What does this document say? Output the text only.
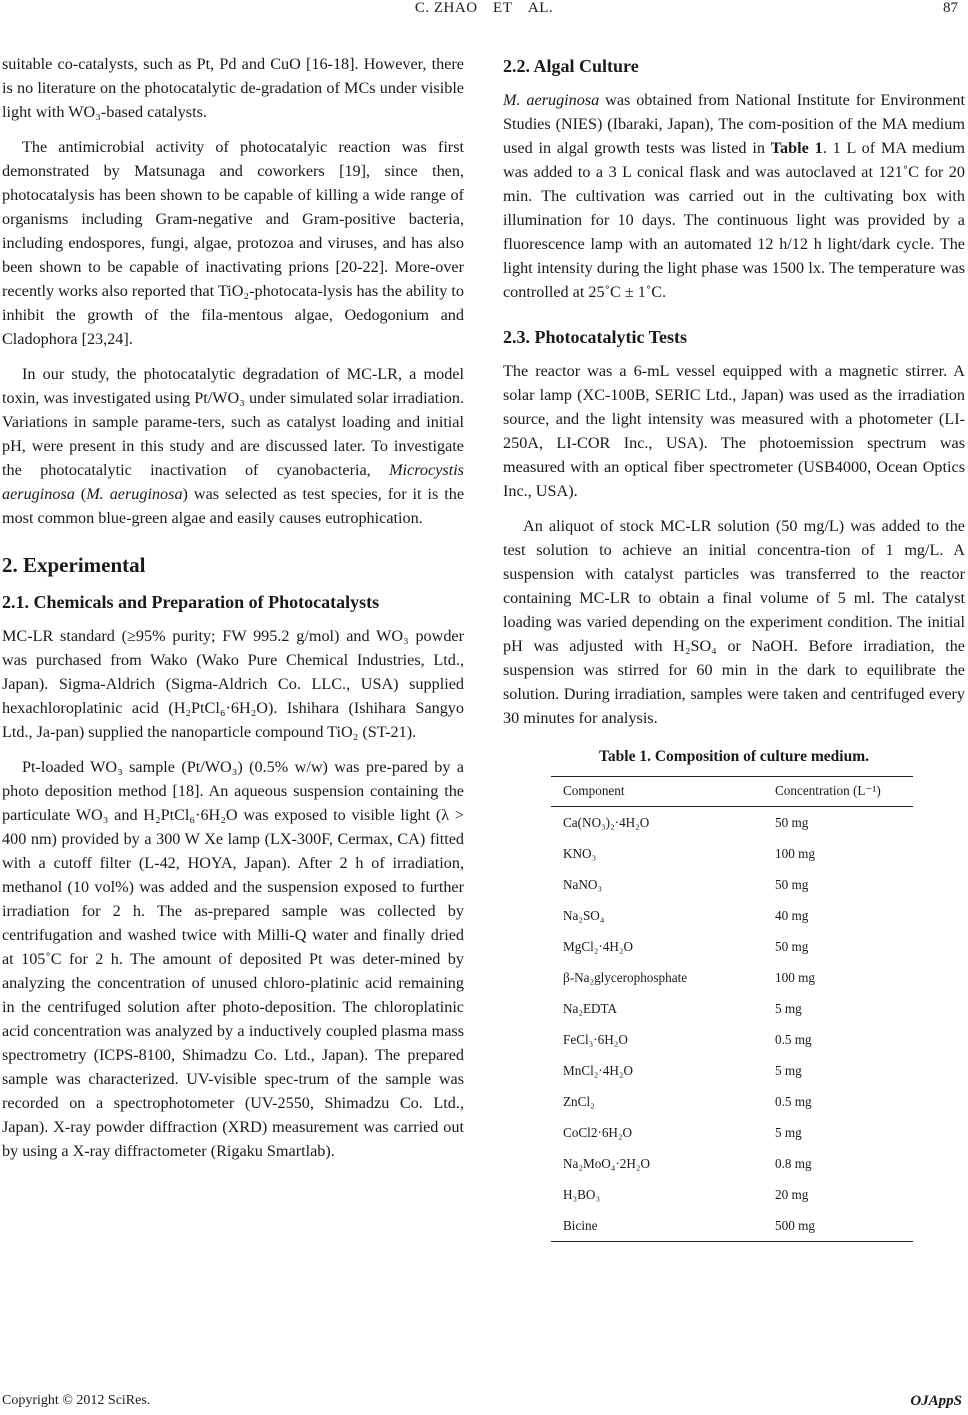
C. ZHAO ET AL.	87

suitable co-catalysts, such as Pt, Pd and CuO [16-18]. However, there is no literature on the photocatalytic de-gradation of MCs under visible light with WO₃-based catalysts.

The antimicrobial activity of photocatalyic reaction was first demonstrated by Matsunaga and coworkers [19], since then, photocatalysis has been shown to be capable of killing a wide range of organisms including Gram-negative and Gram-positive bacteria, including endospores, fungi, algae, protozoa and viruses, and has also been shown to be capable of inactivating prions [20-22]. More-over recently works also reported that TiO₂-photocata-lysis has the ability to inhibit the growth of the fila-mentous algae, Oedogonium and Cladophora [23,24].

In our study, the photocatalytic degradation of MC-LR, a model toxin, was investigated using Pt/WO₃ under simulated solar irradiation. Variations in sample parame-ters, such as catalyst loading and initial pH, were present in this study and are discussed later. To investigate the photocatalytic inactivation of cyanobacteria, Microcystis aeruginosa (M. aeruginosa) was selected as test species, for it is the most common blue-green algae and easily causes eutrophication.

2. Experimental
2.1. Chemicals and Preparation of Photocatalysts

MC-LR standard (≥95% purity; FW 995.2 g/mol) and WO₃ powder was purchased from Wako (Wako Pure Chemical Industries, Ltd., Japan). Sigma-Aldrich (Sigma-Aldrich Co. LLC., USA) supplied hexachloroplatinic acid (H₂PtCl₆·6H₂O). Ishihara (Ishihara Sangyo Ltd., Ja-pan) supplied the nanoparticle compound TiO₂ (ST-21).

Pt-loaded WO₃ sample (Pt/WO₃) (0.5% w/w) was pre-pared by a photo deposition method [18]. An aqueous suspension containing the particulate WO₃ and H₂PtCl₆·6H₂O was exposed to visible light (λ > 400 nm) provided by a 300 W Xe lamp (LX-300F, Cermax, CA) fitted with a cutoff filter (L-42, HOYA, Japan). After 2 h of irradiation, methanol (10 vol%) was added and the suspension exposed to further irradiation for 2 h. The as-prepared sample was collected by centrifugation and washed twice with Milli-Q water and finally dried at 105˚C for 2 h. The amount of deposited Pt was deter-mined by analyzing the concentration of unused chloro-platinic acid remaining in the centrifuged solution after photo-deposition. The chloroplatinic acid concentration was analyzed by a inductively coupled plasma mass spectrometry (ICPS-8100, Shimadzu Co. Ltd., Japan). The prepared sample was characterized. UV-visible spec-trum of the sample was recorded on a spectrophotometer (UV-2550, Shimadzu Co. Ltd., Japan). X-ray powder diffraction (XRD) measurement was carried out by using a X-ray diffractometer (Rigaku Smartlab).

2.2. Algal Culture

M. aeruginosa was obtained from National Institute for Environment Studies (NIES) (Ibaraki, Japan), The com-position of the MA medium used in algal growth tests was listed in Table 1. 1 L of MA medium was added to a 3 L conical flask and was autoclaved at 121˚C for 20 min. The cultivation was carried out in the cultivating box with illumination for 10 days. The continuous light was provided by a fluorescence lamp with an automated 12 h/12 h light/dark cycle. The light intensity during the light phase was 1500 lx. The temperature was controlled at 25˚C ± 1˚C.

2.3. Photocatalytic Tests

The reactor was a 6-mL vessel equipped with a magnetic stirrer. A solar lamp (XC-100B, SERIC Ltd., Japan) was used as the irradiation source, and the light intensity was measured with a photometer (LI-250A, LI-COR Inc., USA). The photoemission spectrum was measured with an optical fiber spectrometer (USB4000, Ocean Optics Inc., USA).

An aliquot of stock MC-LR solution (50 mg/L) was added to the test solution to achieve an initial concentra-tion of 1 mg/L. A suspension with catalyst particles was transferred to the reactor containing MC-LR to obtain a final volume of 5 ml. The catalyst loading was varied depending on the experiment condition. The initial pH was adjusted with H₂SO₄ or NaOH. Before irradiation, the suspension was stirred for 60 min in the dark to equilibrate the solution. During irradiation, samples were taken and centrifuged every 30 minutes for analysis.

Table 1. Composition of culture medium.
Component	Concentration (L⁻¹)
Ca(NO₃)₂·4H₂O	50 mg
KNO₃	100 mg
NaNO₃	50 mg
Na₂SO₄	40 mg
MgCl₂·4H₂O	50 mg
β-Na₂glycerophosphate	100 mg
Na₂EDTA	5 mg
FeCl₃·6H₂O	0.5 mg
MnCl₂·4H₂O	5 mg
ZnCl₂	0.5 mg
CoCl2·6H₂O	5 mg
Na₂MoO₄·2H₂O	0.8 mg
H₃BO₃	20 mg
Bicine	500 mg
Copyright © 2012 SciRes.	OJAppS
